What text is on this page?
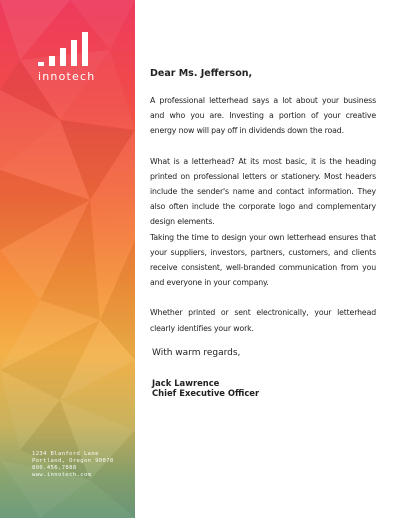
innotech
1234 Blanford Lane
Portland, Oregon 90078
800.456.7888
www.innotech.com

Dear Ms. Jefferson,

A professional letterhead says a lot about your business and who you are. Investing a portion of your creative energy now will pay off in dividends down the road.

What is a letterhead? At its most basic, it is the heading printed on professional letters or stationery. Most headers include the sender's name and contact information. They also often include the corporate logo and complementary design elements.

Taking the time to design your own letterhead ensures that your suppliers, investors, partners, customers, and clients receive consistent, well-branded communication from you and everyone in your company.

Whether printed or sent electronically, your letterhead clearly identifies your work.

With warm regards,

Jack Lawrence
Chief Executive Officer
